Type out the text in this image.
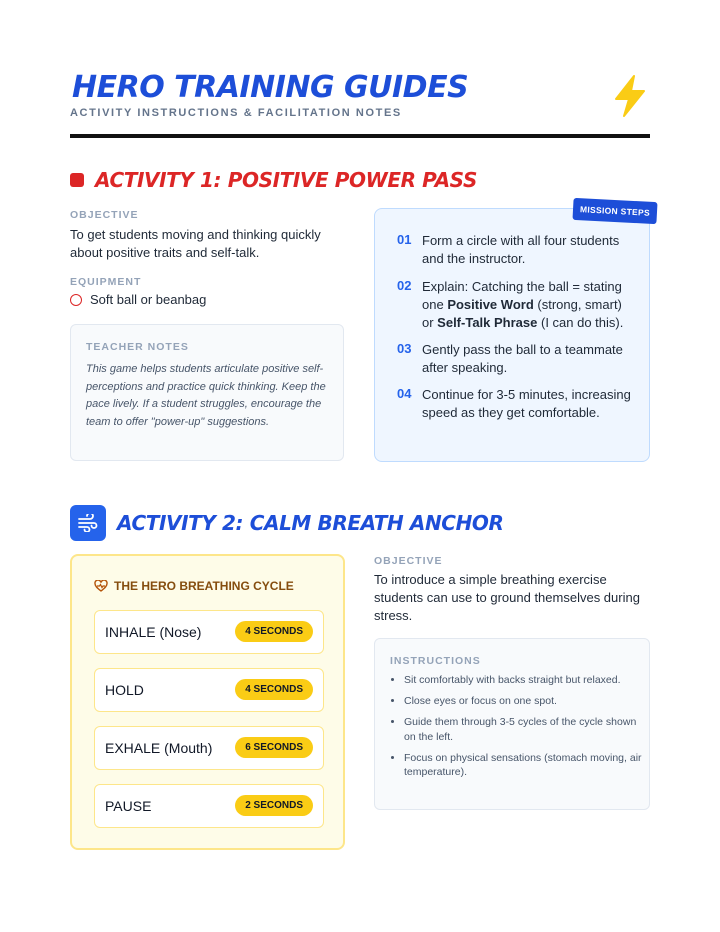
HERO TRAINING GUIDES
ACTIVITY INSTRUCTIONS & FACILITATION NOTES
ACTIVITY 1: POSITIVE POWER PASS
OBJECTIVE
To get students moving and thinking quickly about positive traits and self-talk.
EQUIPMENT
Soft ball or beanbag
TEACHER NOTES
This game helps students articulate positive self-perceptions and practice quick thinking. Keep the pace lively. If a student struggles, encourage the team to offer "power-up" suggestions.
MISSION STEPS
01 Form a circle with all four students and the instructor.
02 Explain: Catching the ball = stating one Positive Word (strong, smart) or Self-Talk Phrase (I can do this).
03 Gently pass the ball to a teammate after speaking.
04 Continue for 3-5 minutes, increasing speed as they get comfortable.
ACTIVITY 2: CALM BREATH ANCHOR
THE HERO BREATHING CYCLE
INHALE (Nose)	4 SECONDS
HOLD	4 SECONDS
EXHALE (Mouth)	6 SECONDS
PAUSE	2 SECONDS
OBJECTIVE
To introduce a simple breathing exercise students can use to ground themselves during stress.
INSTRUCTIONS
• Sit comfortably with backs straight but relaxed.
• Close eyes or focus on one spot.
• Guide them through 3-5 cycles of the cycle shown on the left.
• Focus on physical sensations (stomach moving, air temperature).
